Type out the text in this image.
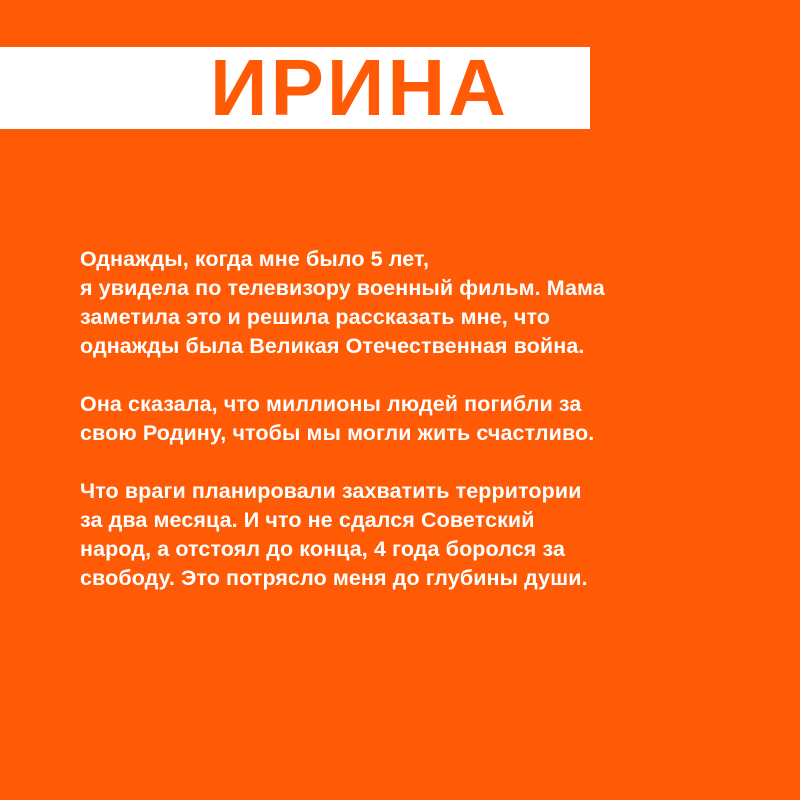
ИРИНА

Однажды, когда мне было 5 лет,
я увидела по телевизору военный фильм. Мама
заметила это и решила рассказать мне, что
однажды была Великая Отечественная война.

Она сказала, что миллионы людей погибли за
свою Родину, чтобы мы могли жить счастливо.

Что враги планировали захватить территории
за два месяца. И что не сдался Советский
народ, а отстоял до конца, 4 года боролся за
свободу. Это потрясло меня до глубины души.
